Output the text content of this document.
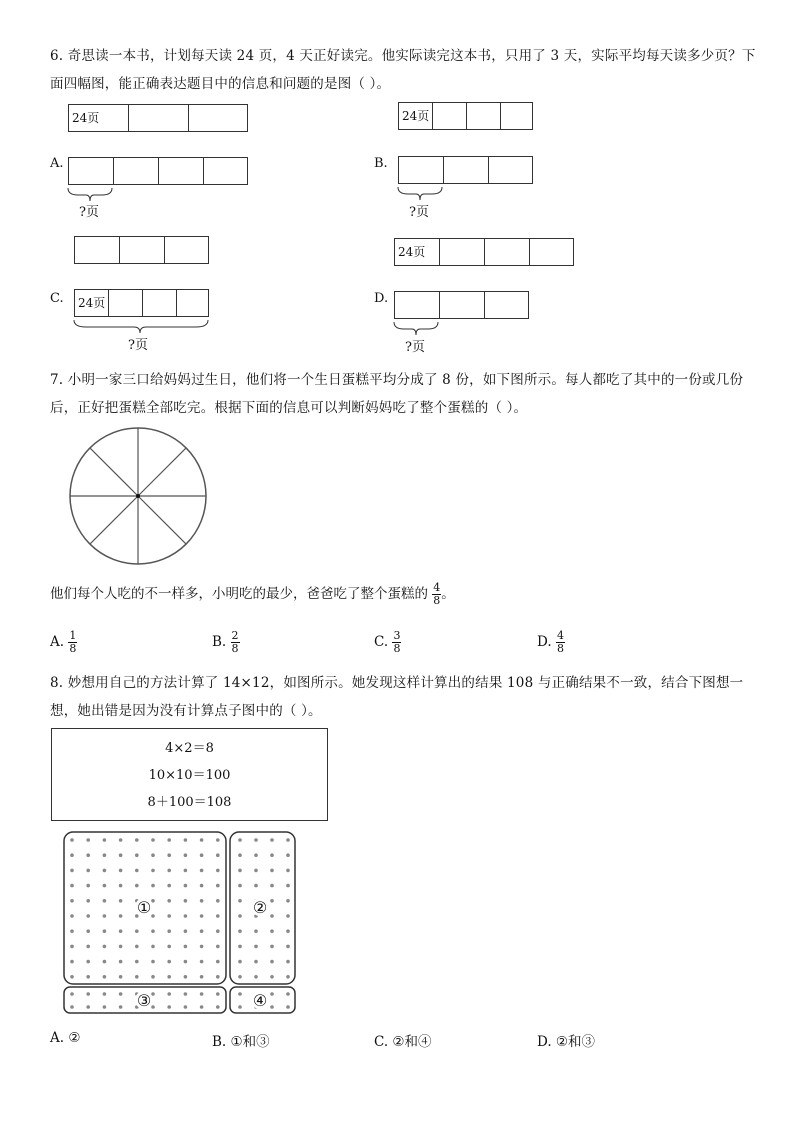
6. 奇思读一本书，计划每天读 24 页，4 天正好读完。他实际读完这本书，只用了 3 天，实际平均每天读多少页？下
面四幅图，能正确表达题目中的信息和问题的是图（ ）。
24页
A.
?页
24页
B.
?页
C. 24页
?页
24页
D.
?页
7. 小明一家三口给妈妈过生日，他们将一个生日蛋糕平均分成了 8 份，如下图所示。每人都吃了其中的一份或几份
后，正好把蛋糕全部吃完。根据下面的信息可以判断妈妈吃了整个蛋糕的（ ）。
他们每个人吃的不一样多，小明吃的最少，爸爸吃了整个蛋糕的 $\frac{4}{8}$ 。
A. $\frac{1}{8}$	B. $\frac{2}{8}$	C. $\frac{3}{8}$	D. $\frac{4}{8}$
8. 妙想用自己的方法计算了 14×12，如图所示。她发现这样计算出的结果 108 与正确结果不一致，结合下图想一
想，她出错是因为没有计算点子图中的（ ）。
4×2＝8
10×10＝100
8＋100＝108
①	②
③	④
A. ②	B. ①和③	C. ②和④	D. ②和③
